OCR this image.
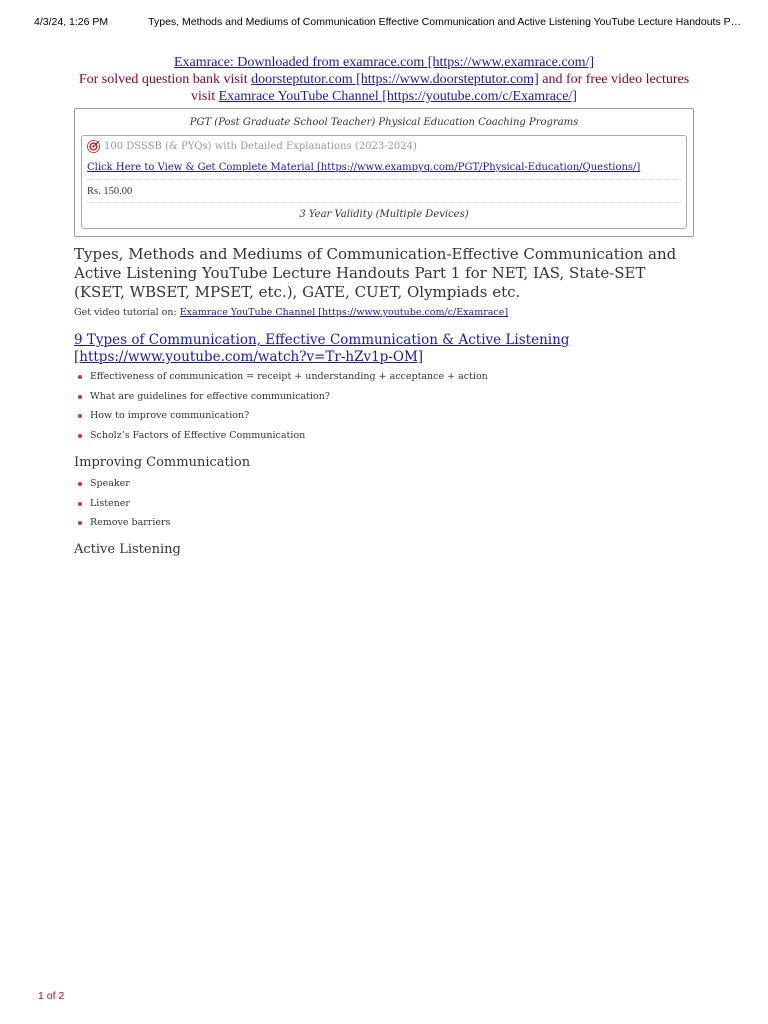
4/3/24, 1:26 PM	Types, Methods and Mediums of Communication Effective Communication and Active Listening YouTube Lecture Handouts P…
Examrace: Downloaded from examrace.com [https://www.examrace.com/]
For solved question bank visit doorsteptutor.com [https://www.doorsteptutor.com] and for free video lectures
visit Examrace YouTube Channel [https://youtube.com/c/Examrace/]
PGT (Post Graduate School Teacher) Physical Education Coaching Programs
100 DSSSB (& PYQs) with Detailed Explanations (2023-2024)
Click Here to View & Get Complete Material [https://www.exampyq.com/PGT/Physical-Education/Questions/]
Rs. 150.00
3 Year Validity (Multiple Devices)
Types, Methods and Mediums of Communication-Effective Communication and Active Listening YouTube Lecture Handouts Part 1 for NET, IAS, State-SET (KSET, WBSET, MPSET, etc.), GATE, CUET, Olympiads etc.
Get video tutorial on: Examrace YouTube Channel [https://www.youtube.com/c/Examrace]
9 Types of Communication, Effective Communication & Active Listening [https://www.youtube.com/watch?v=Tr-hZv1p-OM]
Effectiveness of communication = receipt + understanding + acceptance + action
What are guidelines for effective communication?
How to improve communication?
Scholz’s Factors of Effective Communication
Improving Communication
Speaker
Listener
Remove barriers
Active Listening
1 of 2
